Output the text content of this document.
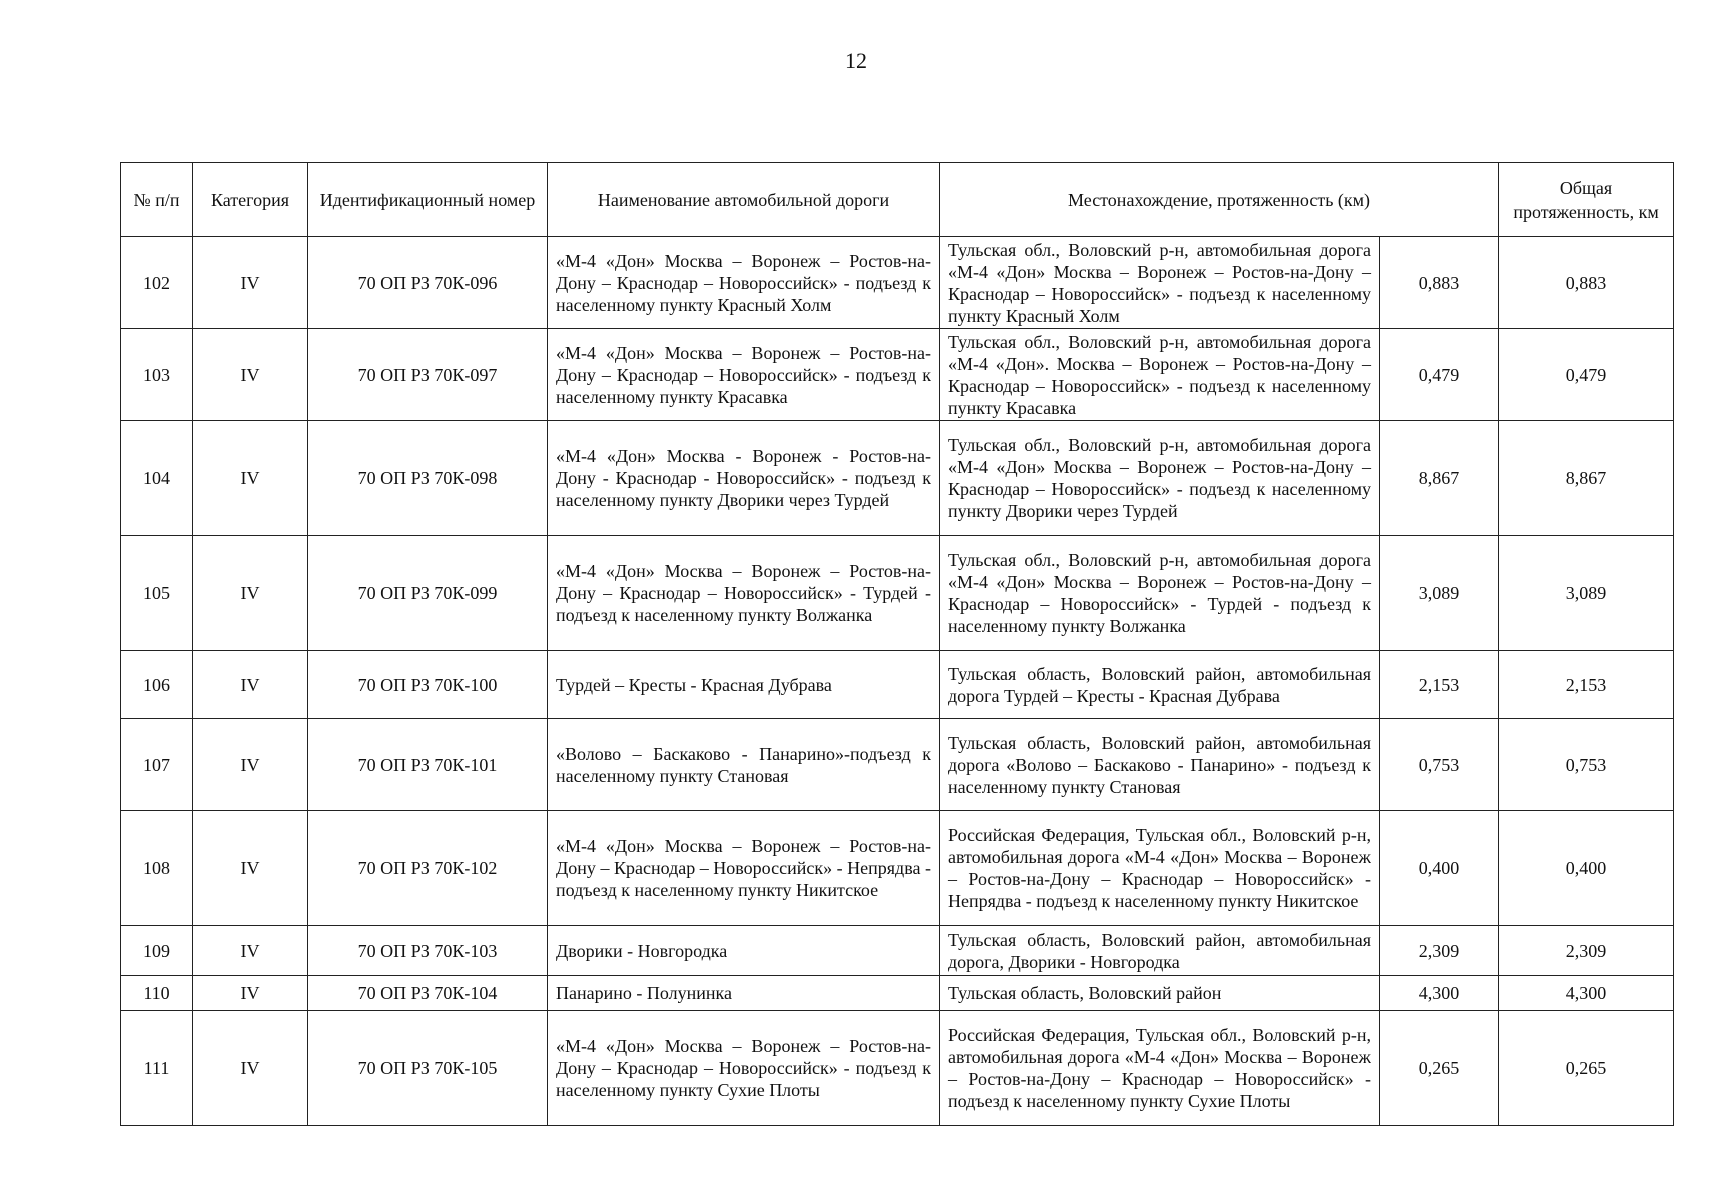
12
№ п/п	Категория	Идентификационный номер	Наименование автомобильной дороги	Местонахождение, протяженность (км)		Общая протяженность, км
102	IV	70 ОП РЗ 70К-096	«М-4 «Дон» Москва – Воронеж – Ростов-на-Дону – Краснодар – Новороссийск» - подъезд к населенному пункту Красный Холм	Тульская обл., Воловский р-н, автомобильная дорога «М-4 «Дон» Москва – Воронеж – Ростов-на-Дону – Краснодар – Новороссийск» - подъезд к населенному пункту Красный Холм	0,883	0,883
103	IV	70 ОП РЗ 70К-097	«М-4 «Дон» Москва – Воронеж – Ростов-на-Дону – Краснодар – Новороссийск» - подъезд к населенному пункту Красавка	Тульская обл., Воловский р-н, автомобильная дорога «М-4 «Дон». Москва – Воронеж – Ростов-на-Дону – Краснодар – Новороссийск» - подъезд к населенному пункту Красавка	0,479	0,479
104	IV	70 ОП РЗ 70К-098	«М-4 «Дон» Москва - Воронеж - Ростов-на-Дону - Краснодар - Новороссийск» - подъезд к населенному пункту Дворики через Турдей	Тульская обл., Воловский р-н, автомобильная дорога «М-4 «Дон» Москва – Воронеж – Ростов-на-Дону – Краснодар – Новороссийск» - подъезд к населенному пункту Дворики через Турдей	8,867	8,867
105	IV	70 ОП РЗ 70К-099	«М-4 «Дон» Москва – Воронеж – Ростов-на-Дону – Краснодар – Новороссийск» - Турдей - подъезд к населенному пункту Волжанка	Тульская обл., Воловский р-н, автомобильная дорога «М-4 «Дон» Москва – Воронеж – Ростов-на-Дону – Краснодар – Новороссийск» - Турдей - подъезд к населенному пункту Волжанка	3,089	3,089
106	IV	70 ОП РЗ 70К-100	Турдей – Кресты - Красная Дубрава	Тульская область, Воловский район, автомобильная дорога Турдей – Кресты - Красная Дубрава	2,153	2,153
107	IV	70 ОП РЗ 70К-101	«Волово – Баскаково - Панарино»-подъезд к населенному пункту Становая	Тульская область, Воловский район, автомобильная дорога «Волово – Баскаково - Панарино» - подъезд к населенному пункту Становая	0,753	0,753
108	IV	70 ОП РЗ 70К-102	«М-4 «Дон» Москва – Воронеж – Ростов-на-Дону – Краснодар – Новороссийск» - Непрядва - подъезд к населенному пункту Никитское	Российская Федерация, Тульская обл., Воловский р-н, автомобильная дорога «М-4 «Дон» Москва – Воронеж – Ростов-на-Дону – Краснодар – Новороссийск» - Непрядва - подъезд к населенному пункту Никитское	0,400	0,400
109	IV	70 ОП РЗ 70К-103	Дворики - Новгородка	Тульская область, Воловский район, автомобильная дорога, Дворики - Новгородка	2,309	2,309
110	IV	70 ОП РЗ 70К-104	Панарино - Полунинка	Тульская область, Воловский район	4,300	4,300
111	IV	70 ОП РЗ 70К-105	«М-4 «Дон» Москва – Воронеж – Ростов-на-Дону – Краснодар – Новороссийск» - подъезд к населенному пункту Сухие Плоты	Российская Федерация, Тульская обл., Воловский р-н, автомобильная дорога «М-4 «Дон» Москва – Воронеж – Ростов-на-Дону – Краснодар – Новороссийск» - подъезд к населенному пункту Сухие Плоты	0,265	0,265
